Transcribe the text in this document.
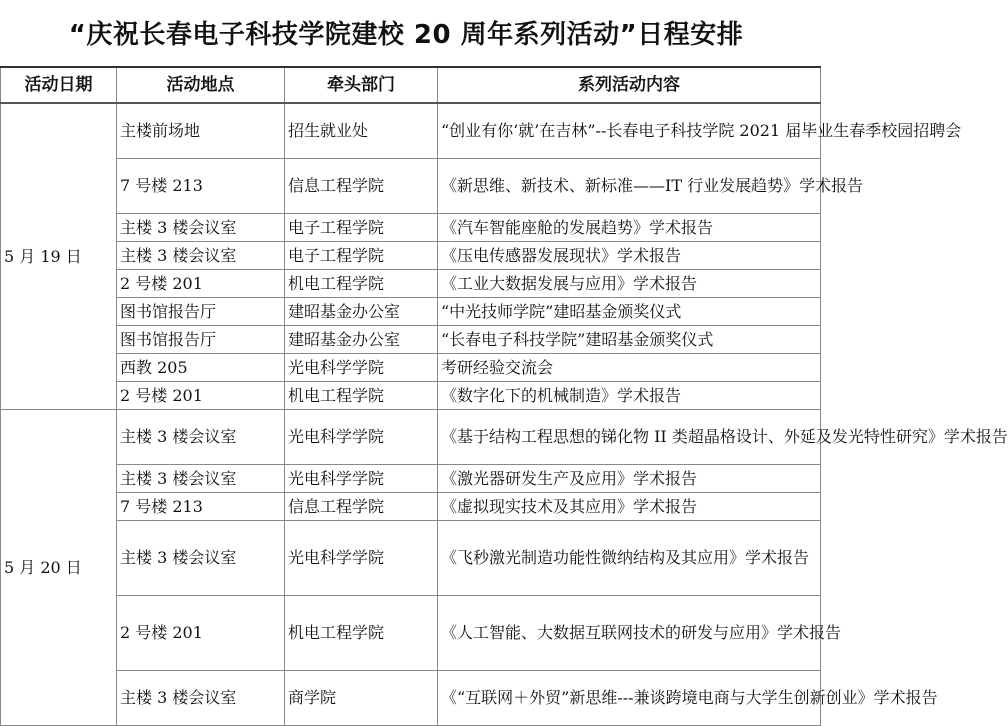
“庆祝长春电子科技学院建校 20 周年系列活动”日程安排
活动日期	活动地点	牵头部门	系列活动内容
5 月 19 日	主楼前场地	招生就业处	“创业有你‘就’在吉林”--长春电子科技学院 2021 届毕业生春季校园招聘会
	7 号楼 213	信息工程学院	《新思维、新技术、新标准——IT 行业发展趋势》学术报告
	主楼 3 楼会议室	电子工程学院	《汽车智能座舱的发展趋势》学术报告
	主楼 3 楼会议室	电子工程学院	《压电传感器发展现状》学术报告
	2 号楼 201	机电工程学院	《工业大数据发展与应用》学术报告
	图书馆报告厅	建昭基金办公室	“中光技师学院”建昭基金颁奖仪式
	图书馆报告厅	建昭基金办公室	“长春电子科技学院”建昭基金颁奖仪式
	西教 205	光电科学学院	考研经验交流会
	2 号楼 201	机电工程学院	《数字化下的机械制造》学术报告
5 月 20 日	主楼 3 楼会议室	光电科学学院	《基于结构工程思想的锑化物 II 类超晶格设计、外延及发光特性研究》学术报告
	主楼 3 楼会议室	光电科学学院	《激光器研发生产及应用》学术报告
	7 号楼 213	信息工程学院	《虚拟现实技术及其应用》学术报告
	主楼 3 楼会议室	光电科学学院	《飞秒激光制造功能性微纳结构及其应用》学术报告
	2 号楼 201	机电工程学院	《人工智能、大数据互联网技术的研发与应用》学术报告
	主楼 3 楼会议室	商学院	《“互联网＋外贸”新思维---兼谈跨境电商与大学生创新创业》学术报告
